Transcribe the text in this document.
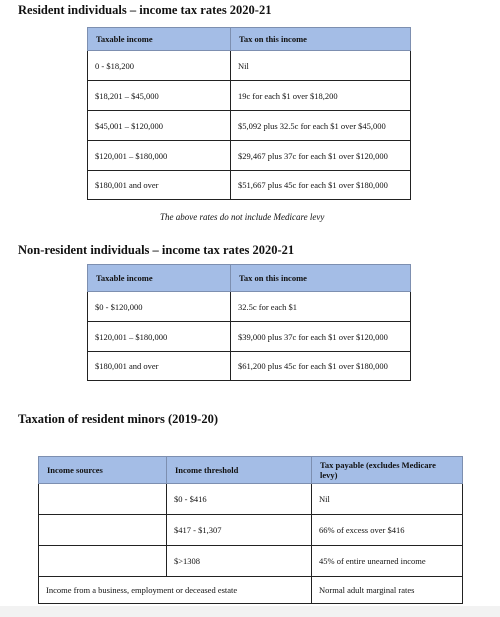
Resident individuals – income tax rates 2020-21
Taxable income	Tax on this income
0 - $18,200	Nil
$18,201 – $45,000	19c for each $1 over $18,200
$45,001 – $120,000	$5,092 plus 32.5c for each $1 over $45,000
$120,001 – $180,000	$29,467 plus 37c for each $1 over $120,000
$180,001 and over	$51,667 plus 45c for each $1 over $180,000
The above rates do not include Medicare levy
Non-resident individuals – income tax rates 2020-21
Taxable income	Tax on this income
$0 - $120,000	32.5c for each $1
$120,001 – $180,000	$39,000 plus 37c for each $1 over $120,000
$180,001 and over	$61,200 plus 45c for each $1 over $180,000
Taxation of resident minors (2019-20)
Income sources	Income threshold	Tax payable (excludes Medicare levy)
	$0 - $416	Nil
	$417 - $1,307	66% of excess over $416
	$>1308	45% of entire unearned income
Income from a business, employment or deceased estate		Normal adult marginal rates
